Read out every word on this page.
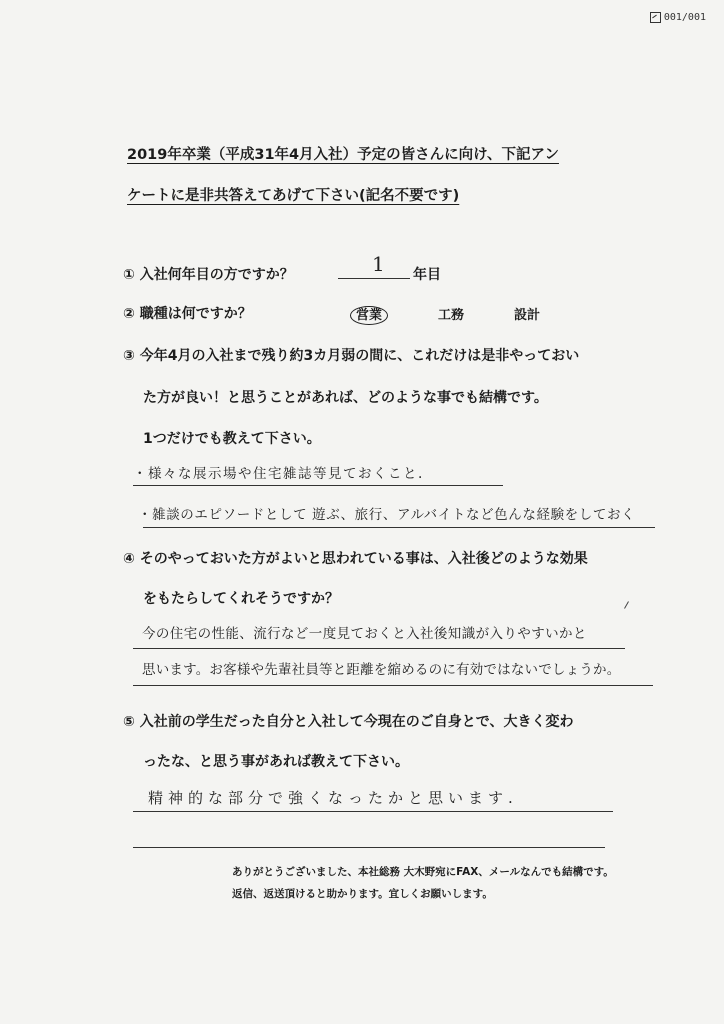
001/001
2019年卒業（平成31年4月入社）予定の皆さんに向け、下記アン
ケートに是非共答えてあげて下さい(記名不要です)
① 入社何年目の方ですか？	1 年目
② 職種は何ですか？	営業	工務	設計
③ 今年4月の入社まで残り約3カ月弱の間に、これだけは是非やっておい
た方が良い！と思うことがあれば、どのような事でも結構です。
1つだけでも教えて下さい。
・様々な展示場や住宅雑誌等見ておくこと.
・雑談のエピソードとして 遊ぶ、旅行、アルバイトなど色んな経験をしておく
④ そのやっておいた方がよいと思われている事は、入社後どのような効果
をもたらしてくれそうですか？
今の住宅の性能、流行など一度見ておくと入社後知識が入りやすいかと
思います。お客様や先輩社員等と距離を縮めるのに有効ではないでしょうか。
⑤ 入社前の学生だった自分と入社して今現在のご自身とで、大きく変わ
ったな、と思う事があれば教えて下さい。
精神的な部分で強くなったかと思います.
ありがとうございました、本社総務 大木野宛にFAX、メールなんでも結構です。
返信、返送頂けると助かります。宜しくお願いします。
